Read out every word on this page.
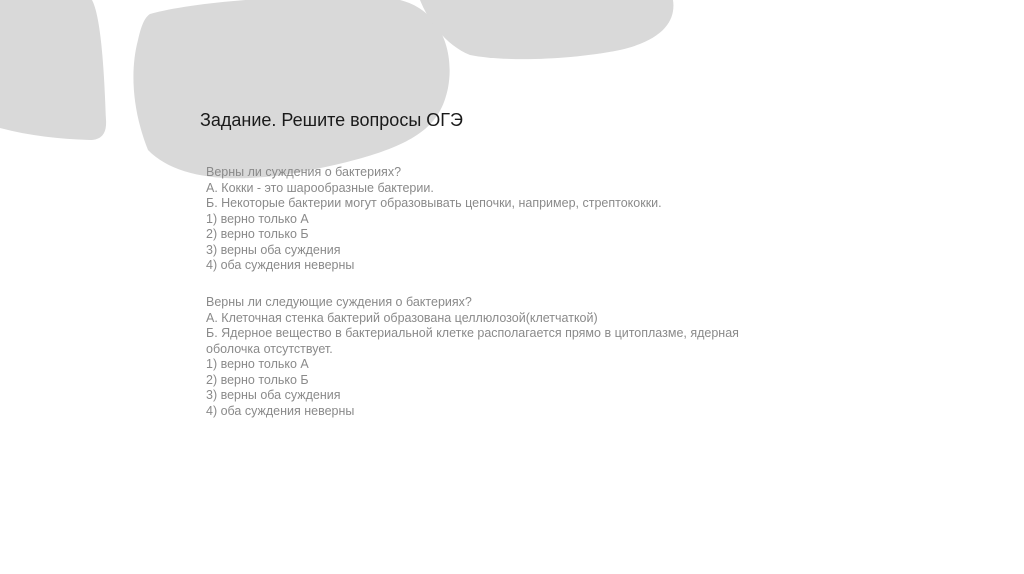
Задание. Решите вопросы ОГЭ
Верны ли суждения о бактериях?
А. Кокки - это шарообразные бактерии.
Б. Некоторые бактерии могут образовывать цепочки, например, стрептококки.
1) верно только А
2) верно только Б
3) верны оба суждения
4) оба суждения неверны
Верны ли следующие суждения о бактериях?
А. Клеточная стенка бактерий образована целлюлозой(клетчаткой)
Б. Ядерное вещество в бактериальной клетке располагается прямо в цитоплазме, ядерная оболочка отсутствует.
1) верно только А
2) верно только Б
3) верны оба суждения
4) оба суждения неверны
